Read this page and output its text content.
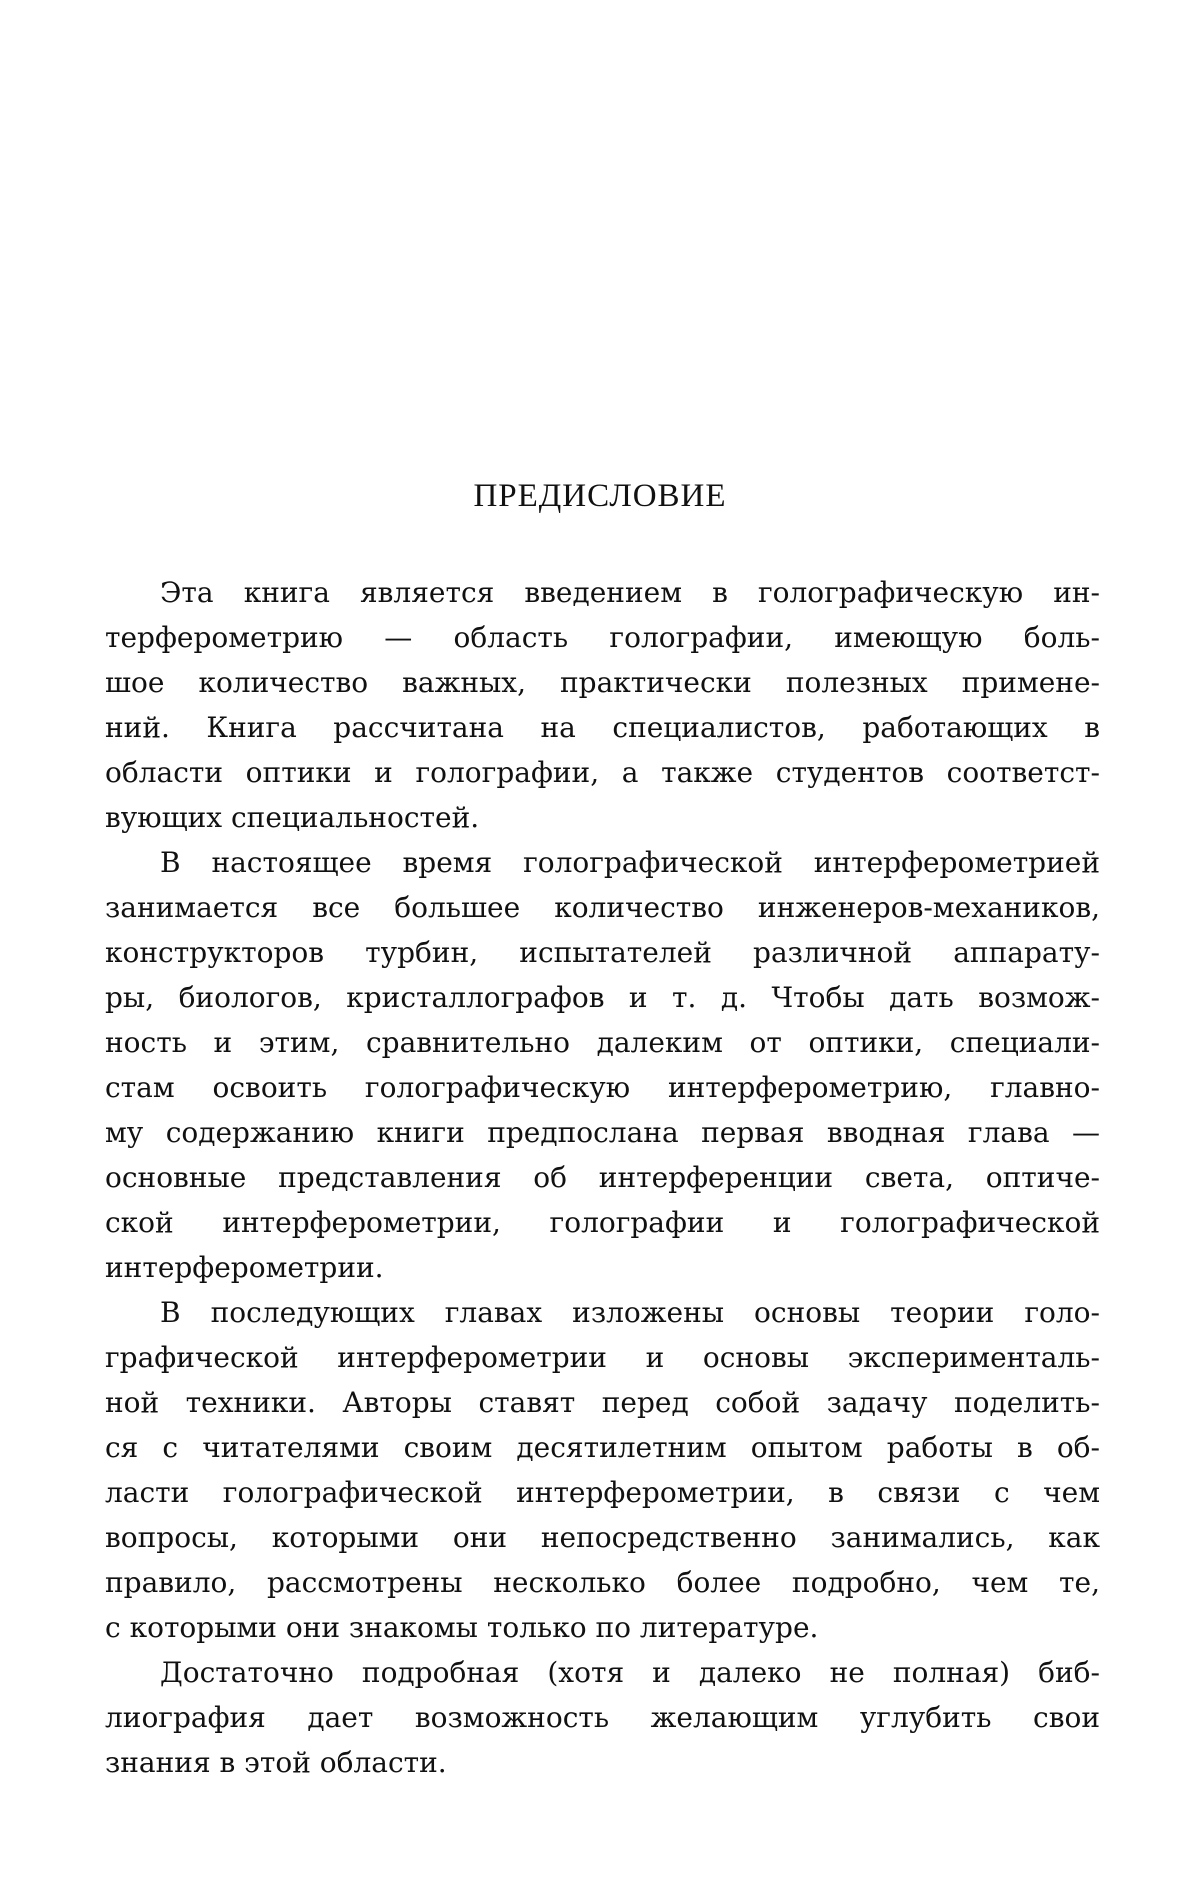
ПРЕДИСЛОВИЕ
Эта книга является введением в голографическую ин-
терферометрию — область голографии, имеющую боль-
шое количество важных, практически полезных примене-
ний. Книга рассчитана на специалистов, работающих в
области оптики и голографии, а также студентов соответст-
вующих специальностей.
В настоящее время голографической интерферометрией
занимается все большее количество инженеров-механиков,
конструкторов турбин, испытателей различной аппарату-
ры, биологов, кристаллографов и т. д. Чтобы дать возмож-
ность и этим, сравнительно далеким от оптики, специали-
стам освоить голографическую интерферометрию, главно-
му содержанию книги предпослана первая вводная глава —
основные представления об интерференции света, оптиче-
ской интерферометрии, голографии и голографической
интерферометрии.
В последующих главах изложены основы теории голо-
графической интерферометрии и основы эксперименталь-
ной техники. Авторы ставят перед собой задачу поделить-
ся с читателями своим десятилетним опытом работы в об-
ласти голографической интерферометрии, в связи с чем
вопросы, которыми они непосредственно занимались, как
правило, рассмотрены несколько более подробно, чем те,
с которыми они знакомы только по литературе.
Достаточно подробная (хотя и далеко не полная) биб-
лиография дает возможность желающим углубить свои
знания в этой области.
